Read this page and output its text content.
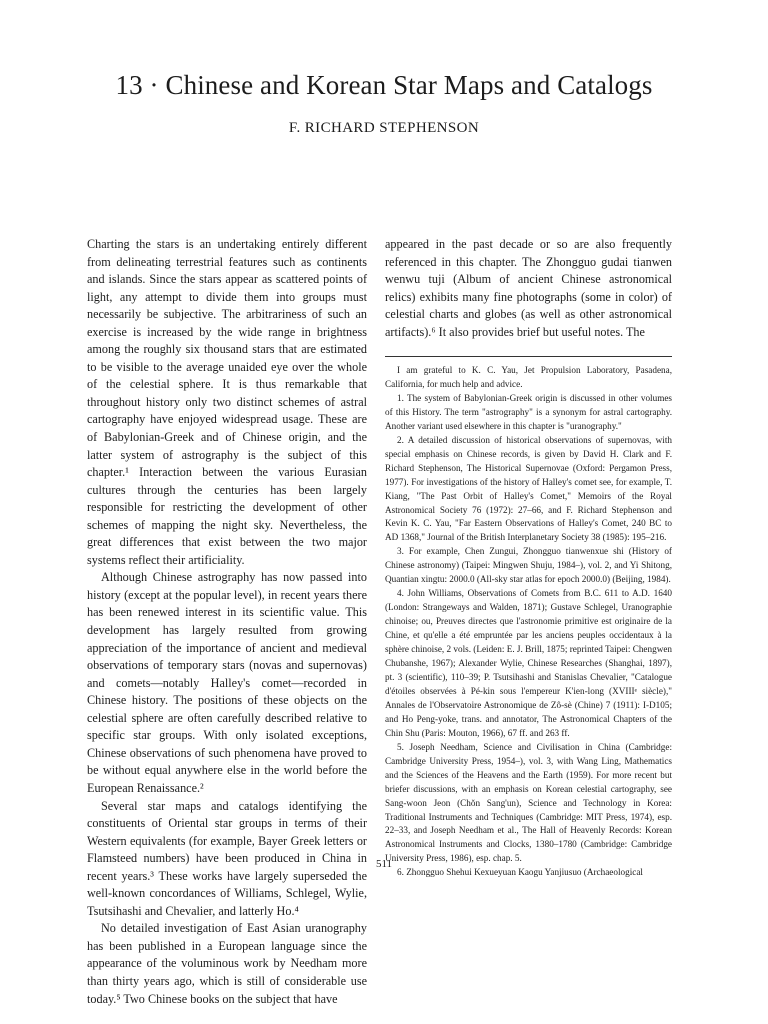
13 · Chinese and Korean Star Maps and Catalogs
F. RICHARD STEPHENSON

Charting the stars is an undertaking entirely different from delineating terrestrial features such as continents and islands. Since the stars appear as scattered points of light, any attempt to divide them into groups must necessarily be subjective. The arbitrariness of such an exercise is increased by the wide range in brightness among the roughly six thousand stars that are estimated to be visible to the average unaided eye over the whole of the celestial sphere. It is thus remarkable that throughout history only two distinct schemes of astral cartography have enjoyed widespread usage. These are of Babylonian-Greek and of Chinese origin, and the latter system of astrography is the subject of this chapter.¹ Interaction between the various Eurasian cultures through the centuries has been largely responsible for restricting the development of other schemes of mapping the night sky. Nevertheless, the great differences that exist between the two major systems reflect their artificiality.

Although Chinese astrography has now passed into history (except at the popular level), in recent years there has been renewed interest in its scientific value. This development has largely resulted from growing appreciation of the importance of ancient and medieval observations of temporary stars (novas and supernovas) and comets—notably Halley's comet—recorded in Chinese history. The positions of these objects on the celestial sphere are often carefully described relative to specific star groups. With only isolated exceptions, Chinese observations of such phenomena have proved to be without equal anywhere else in the world before the European Renaissance.²

Several star maps and catalogs identifying the constituents of Oriental star groups in terms of their Western equivalents (for example, Bayer Greek letters or Flamsteed numbers) have been produced in China in recent years.³ These works have largely superseded the well-known concordances of Williams, Schlegel, Wylie, Tsutsihashi and Chevalier, and latterly Ho.⁴

No detailed investigation of East Asian uranography has been published in a European language since the appearance of the voluminous work by Needham more than thirty years ago, which is still of considerable use today.⁵ Two Chinese books on the subject that have

appeared in the past decade or so are also frequently referenced in this chapter. The Zhongguo gudai tianwen wenwu tuji (Album of ancient Chinese astronomical relics) exhibits many fine photographs (some in color) of celestial charts and globes (as well as other astronomical artifacts).⁶ It also provides brief but useful notes. The

I am grateful to K. C. Yau, Jet Propulsion Laboratory, Pasadena, California, for much help and advice.

1. The system of Babylonian-Greek origin is discussed in other volumes of this History. The term "astrography" is a synonym for astral cartography. Another variant used elsewhere in this chapter is "uranography."

2. A detailed discussion of historical observations of supernovas, with special emphasis on Chinese records, is given by David H. Clark and F. Richard Stephenson, The Historical Supernovae (Oxford: Pergamon Press, 1977). For investigations of the history of Halley's comet see, for example, T. Kiang, "The Past Orbit of Halley's Comet," Memoirs of the Royal Astronomical Society 76 (1972): 27–66, and F. Richard Stephenson and Kevin K. C. Yau, "Far Eastern Observations of Halley's Comet, 240 BC to AD 1368," Journal of the British Interplanetary Society 38 (1985): 195–216.

3. For example, Chen Zungui, Zhongguo tianwenxue shi (History of Chinese astronomy) (Taipei: Mingwen Shuju, 1984–), vol. 2, and Yi Shitong, Quantian xingtu: 2000.0 (All-sky star atlas for epoch 2000.0) (Beijing, 1984).

4. John Williams, Observations of Comets from B.C. 611 to A.D. 1640 (London: Strangeways and Walden, 1871); Gustave Schlegel, Uranographie chinoise; ou, Preuves directes que l'astronomie primitive est originaire de la Chine, et qu'elle a été empruntée par les anciens peuples occidentaux à la sphère chinoise, 2 vols. (Leiden: E. J. Brill, 1875; reprinted Taipei: Chengwen Chubanshe, 1967); Alexander Wylie, Chinese Researches (Shanghai, 1897), pt. 3 (scientific), 110–39; P. Tsutsihashi and Stanislas Chevalier, "Catalogue d'étoiles observées à Pé-kin sous l'empereur K'ien-long (XVIIIᵉ siècle)," Annales de l'Observatoire Astronomique de Zô-sè (Chine) 7 (1911): I-D105; and Ho Peng-yoke, trans. and annotator, The Astronomical Chapters of the Chin Shu (Paris: Mouton, 1966), 67 ff. and 263 ff.

5. Joseph Needham, Science and Civilisation in China (Cambridge: Cambridge University Press, 1954–), vol. 3, with Wang Ling, Mathematics and the Sciences of the Heavens and the Earth (1959). For more recent but briefer discussions, with an emphasis on Korean celestial cartography, see Sang-woon Jeon (Chŏn Sang'un), Science and Technology in Korea: Traditional Instruments and Techniques (Cambridge: MIT Press, 1974), esp. 22–33, and Joseph Needham et al., The Hall of Heavenly Records: Korean Astronomical Instruments and Clocks, 1380–1780 (Cambridge: Cambridge University Press, 1986), esp. chap. 5.

6. Zhongguo Shehui Kexueyuan Kaogu Yanjiusuo (Archaeological

511
